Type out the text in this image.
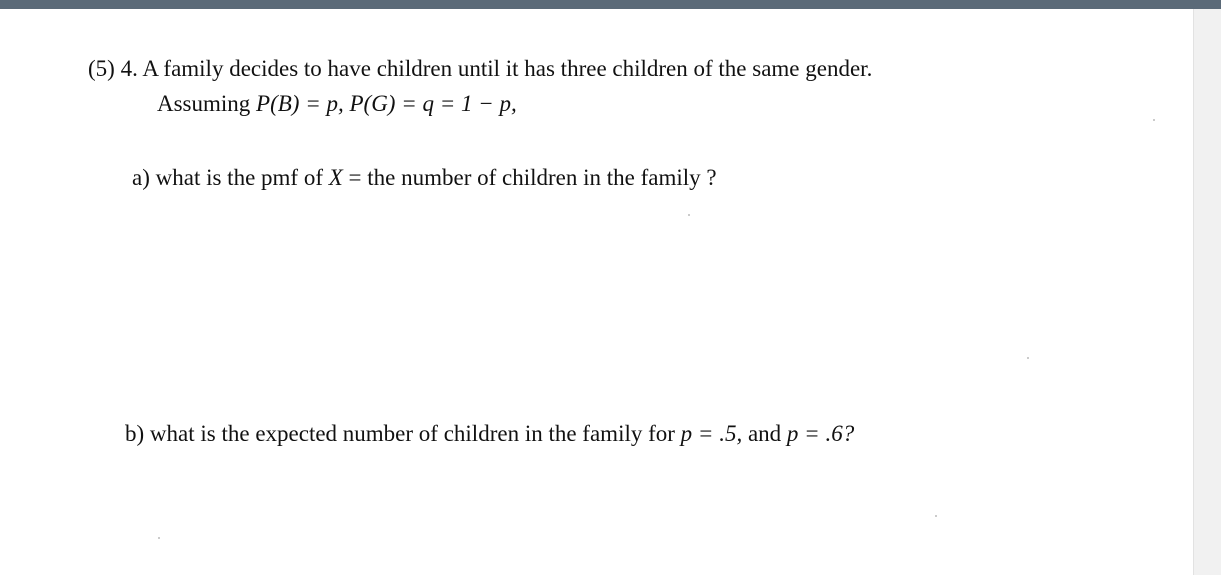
(5) 4. A family decides to have children until it has three children of the same gender.
Assuming P(B) = p, P(G) = q = 1 − p,
a) what is the pmf of X = the number of children in the family ?
b) what is the expected number of children in the family for p = .5, and p = .6?
